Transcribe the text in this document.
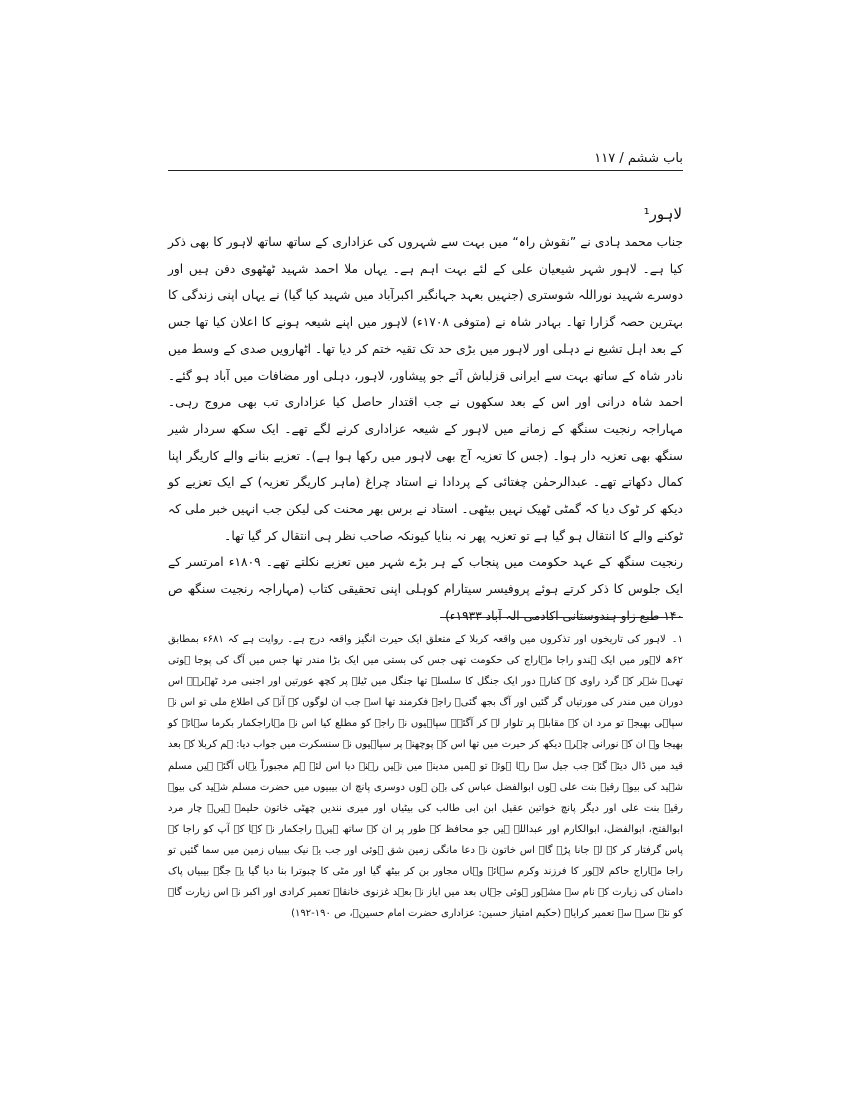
باب ششم / ۱۱۷
لاہور¹

جناب محمد ہادی نے ”نقوش راہ“ میں بہت سے شہروں کی عزاداری کے ساتھ ساتھ لاہور کا بھی ذکر کیا ہے۔ لاہور شہر شیعیان علی کے لئے بہت اہم ہے۔ یہاں ملا احمد شہید ٹھٹھوی دفن ہیں اور دوسرے شہید نوراللہ شوستری (جنہیں بعہد جہانگیر اکبرآباد میں شہید کیا گیا) نے یہاں اپنی زندگی کا بہترین حصہ گزارا تھا۔ بہادر شاہ نے (متوفی ۱۷۰۸ء) لاہور میں اپنے شیعہ ہونے کا اعلان کیا تھا جس کے بعد اہل تشیع نے دہلی اور لاہور میں بڑی حد تک تقیہ ختم کر دیا تھا۔ اٹھارویں صدی کے وسط میں نادر شاہ کے ساتھ بہت سے ایرانی قزلباش آئے جو پیشاور، لاہور، دہلی اور مضافات میں آباد ہو گئے۔ احمد شاہ درانی اور اس کے بعد سکھوں نے جب اقتدار حاصل کیا عزاداری تب بھی مروج رہی۔ مہاراجہ رنجیت سنگھ کے زمانے میں لاہور کے شیعہ عزاداری کرنے لگے تھے۔ ایک سکھ سردار شیر سنگھ بھی تعزیہ دار ہوا۔ (جس کا تعزیہ آج بھی لاہور میں رکھا ہوا ہے)۔ تعزیے بنانے والے کاریگر اپنا کمال دکھاتے تھے۔ عبدالرحمٰن چغتائی کے پردادا نے استاد چراغ (ماہر کاریگر تعزیہ) کے ایک تعزیے کو دیکھ کر ٹوک دیا کہ گمٹی ٹھیک نہیں بیٹھی۔ استاد نے برس بھر محنت کی لیکن جب انہیں خبر ملی کہ ٹوکنے والے کا انتقال ہو گیا ہے تو تعزیہ پھر نہ بنایا کیونکہ صاحب نظر ہی انتقال کر گیا تھا۔

رنجیت سنگھ کے عہد حکومت میں پنجاب کے ہر بڑے شہر میں تعزیے نکلتے تھے۔ ۱۸۰۹ء امرتسر کے ایک جلوس کا ذکر کرتے ہوئے پروفیسر سیتارام کوہلی اپنی تحقیقی کتاب (مہاراجہ رنجیت سنگھ ص ۱۴۰ طبع زاو ہندوستانی اکادمی الہ آباد ۱۹۳۳ء)

۱۔لاہور کی تاریخوں اور تذکروں میں واقعہ کربلا کے متعلق ایک حیرت انگیز واقعہ درج ہے۔ روایت ہے کہ ۶۸۱ء بمطابق ۶۲ھ لاہور میں ایک ہندو راجا مہاراج کی حکومت تھی جس کی بستی میں ایک بڑا مندر تھا جس میں آگ کی پوجا ہوتی تھی۔ شہر کے گرد راوی کے کنارے دور ایک جنگل کا سلسلہ تھا جنگل میں ٹیلہ پر کچھ عورتیں اور اجنبی مرد ٹھہرے۔ اس دوران میں مندر کی مورتیاں گر گئیں اور آگ بجھ گئی۔ راجہ فکرمند تھا اسے جب ان لوگوں کے آنے کی اطلاع ملی تو اس نے سپاہی بھیجے تو مرد ان کے مقابلے پر تلوار لے کر آگئے۔ سپاہیوں نے راجہ کو مطلع کیا اس نے مہاراجکمار بکرما سہائے کو بھیجا وہ ان کے نورانی چہرے دیکھ کر حیرت میں تھا اس کے پوچھنے پر سپاہیوں نے سنسکرت میں جواب دیا: ہم کربلا کے بعد قید میں ڈال دیئے گئے جب جیل سے رہا ہوئے تو ہمیں مدینہ میں نہیں رہنے دیا اس لئے ہم مجبوراً یہاں آگئے ہیں مسلم شہید کی بیوہ رقیہ بنت علی ہوں ابوالفضل عباس کی بہن ہوں دوسری پانچ ان بیبیوں میں حضرت مسلم شہید کی بیوہ رقیہ بنت علی اور دیگر پانچ خواتین عقیل ابن ابی طالب کی بیٹیاں اور میری نندیں چھٹی خاتون حلیمہ ہیں۔ چار مرد ابوالفتح، ابوالفضل، ابوالکارم اور عبداللہ ہیں جو محافظ کے طور پر ان کے ساتھ ہیں۔ راجکمار نے کہا کہ آپ کو راجا کے پاس گرفتار کر کے لے جانا پڑے گا۔ اس خاتون نے دعا مانگی زمین شق ہوئی اور جب یہ نیک بیبیاں زمین میں سما گئیں تو راجا مہاراج حاکم لاہور کا فرزند وکرم سہائے وہاں مجاور بن کر بیٹھ گیا اور مٹی کا چبوترا بنا دیا گیا یہ جگہ بیبیاں پاک دامناں کی زیارت کے نام سے مشہور ہوئی جہاں بعد میں ایاز نے بعہد غزنوی خانقاہ تعمیر کرادی اور اکبر نے اس زیارت گاہ کو نئے سرے سے تعمیر کرایا۔ (حکیم امتیاز حسین: عزاداری حضرت امام حسینؑ، ص ۱۹۰-۱۹۲)
